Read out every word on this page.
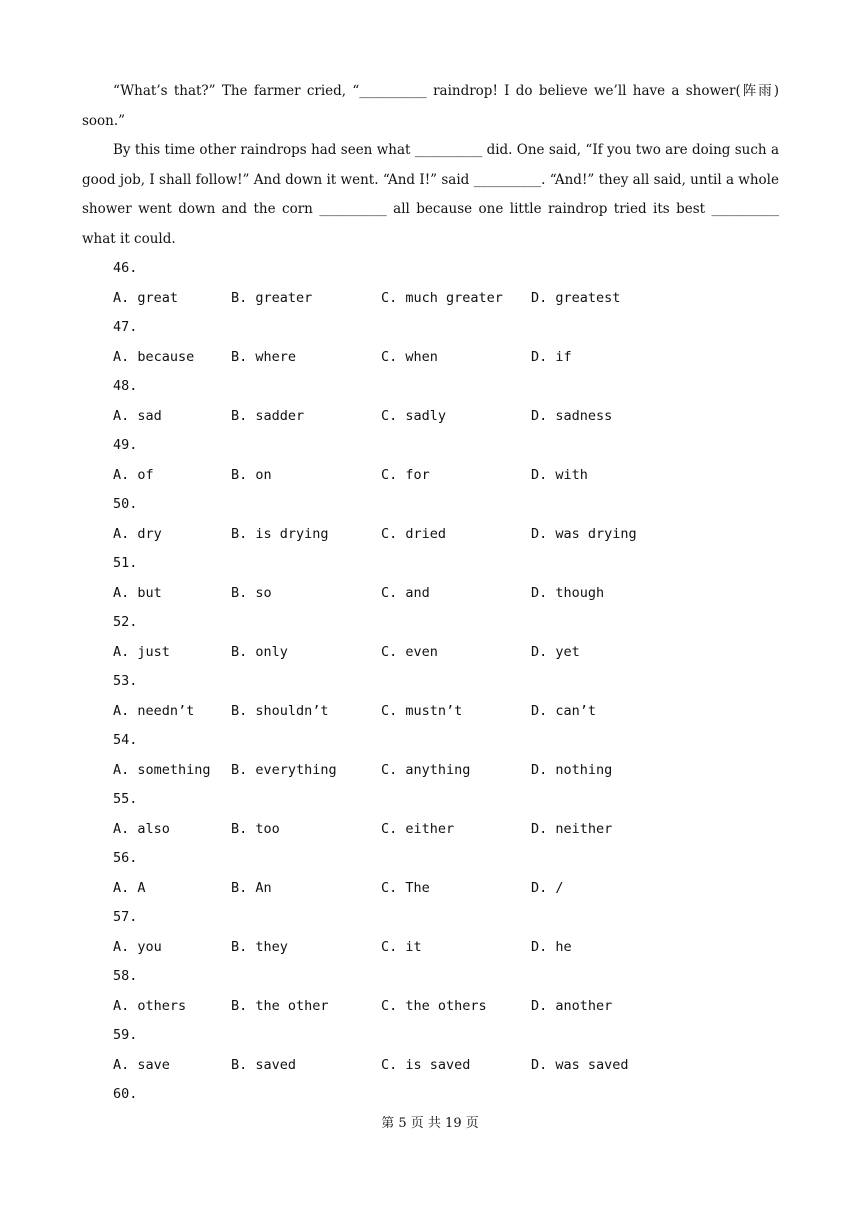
“What’s that?” The farmer cried, “__________ raindrop! I do believe we’ll have a shower(阵雨) soon.”

By this time other raindrops had seen what __________ did. One said, “If you two are doing such a good job, I shall follow!” And down it went. “And I!” said __________. “And!” they all said, until a whole shower went down and the corn __________ all because one little raindrop tried its best __________ what it could.

46.
A. great	B. greater	C. much greater D. greatest
47.
A. because	B. where	C. when	D. if
48.
A. sad	B. sadder	C. sadly	D. sadness
49.
A. of	B. on	C. for	D. with
50.
A. dry	B. is drying	C. dried	D. was drying
51.
A. but	B. so	C. and	D. though
52.
A. just	B. only	C. even	D. yet
53.
A. needn’t	B. shouldn’t	C. mustn’t	D. can’t
54.
A. something B. everything	C. anything	D. nothing
55.
A. also	B. too	C. either	D. neither
56.
A. A	B. An	C. The	D. /
57.
A. you	B. they	C. it	D. he
58.
A. others	B. the other	C. the others	D. another
59.
A. save	B. saved	C. is saved	D. was saved
60.
第 5 页 共 19 页
